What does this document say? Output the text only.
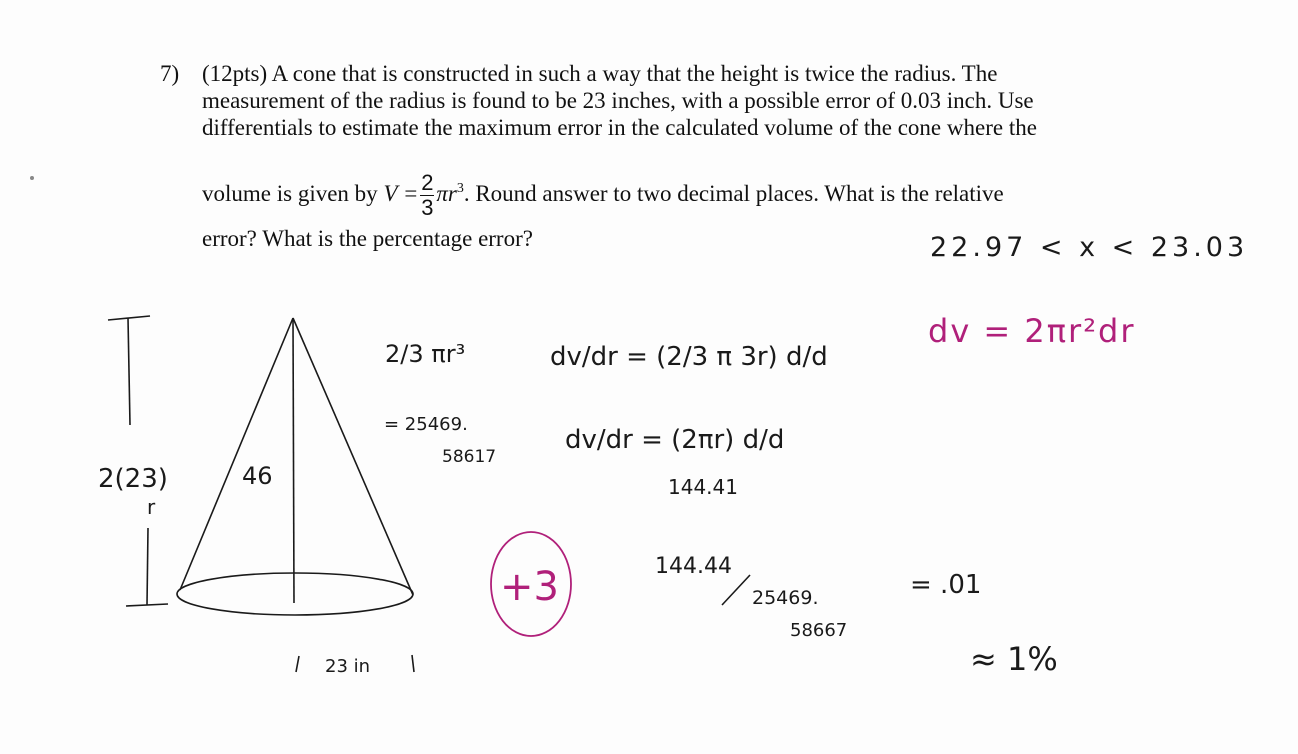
7) (12pts) A cone that is constructed in such a way that the height is twice the radius. The
measurement of the radius is found to be 23 inches, with a possible error of 0.03 inch. Use
differentials to estimate the maximum error in the calculated volume of the cone where the
volume is given by $V = \frac{2}{3} \pi r^3$. Round answer to two decimal places. What is the relative
error? What is the percentage error?
2(23)
r
46
23 in
22.97 < x < 23.03
2/3 πr³
= 25469.
58617
dv/dr = (2/3 π 3r) d/d
dv/dr = (2πr) d/d
144.41
dv = 2πr²dr
+3	144.44
25469.
58667
= .01
≈ 1%
